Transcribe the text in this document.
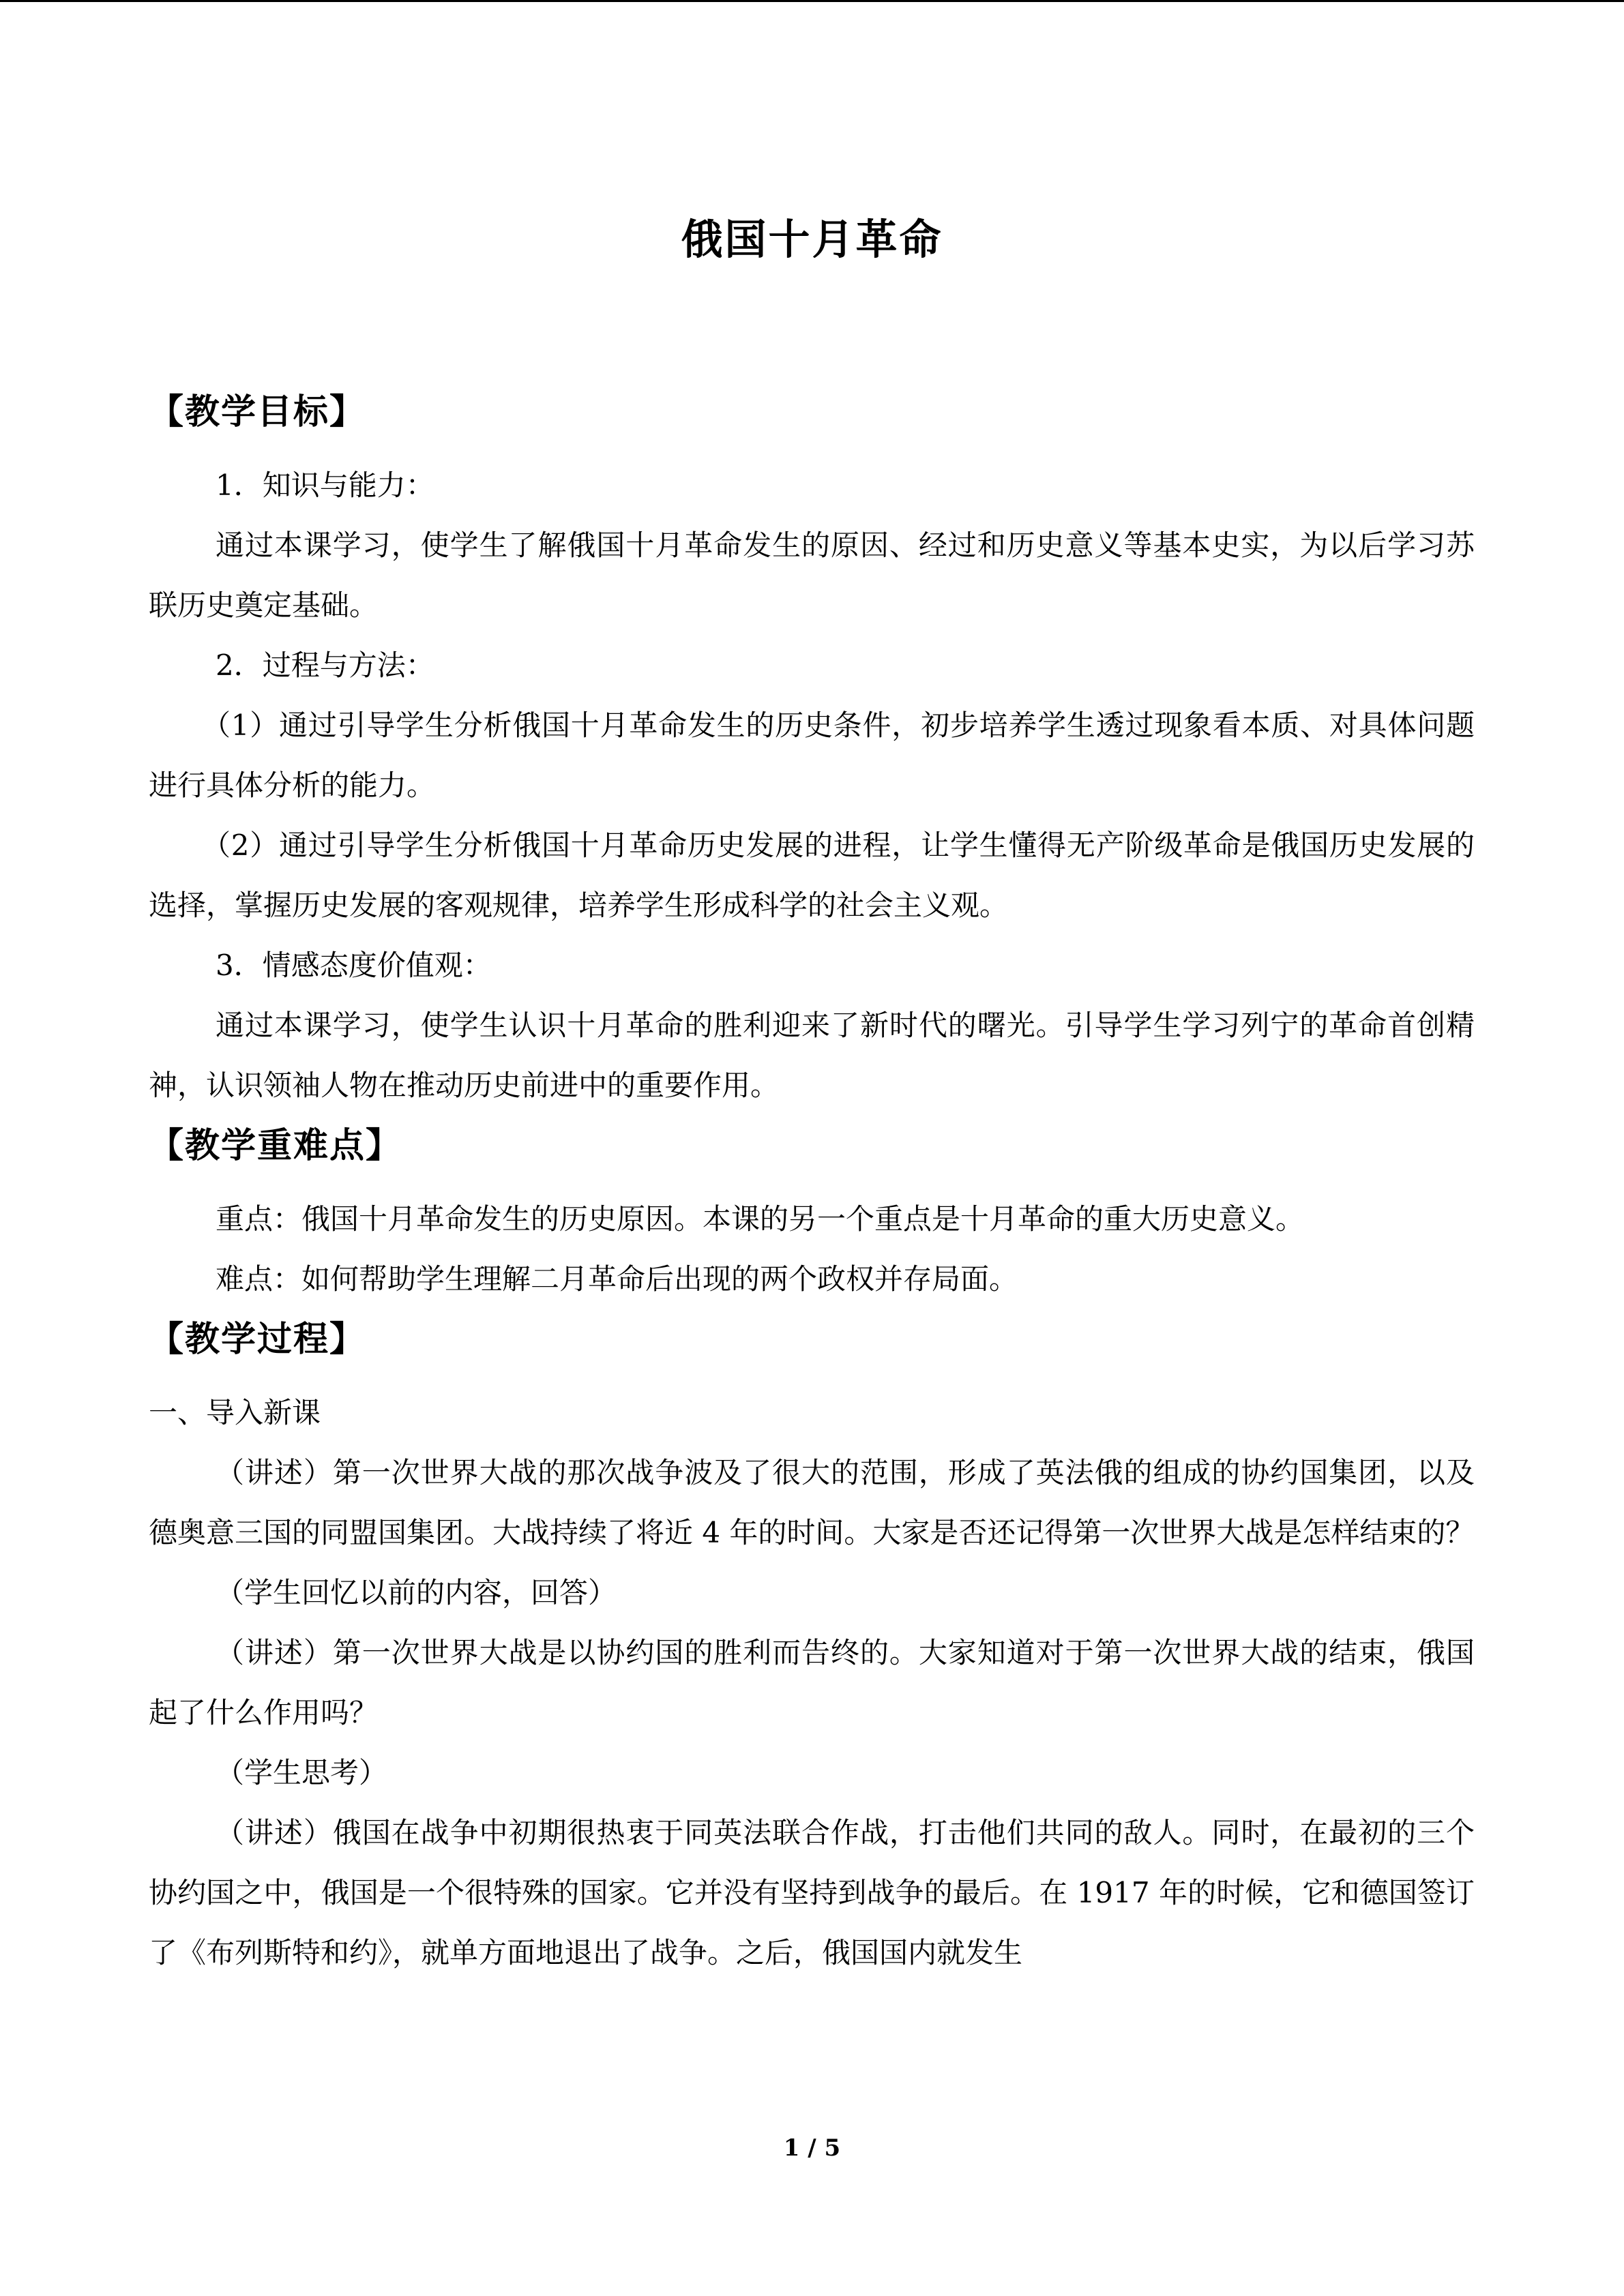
俄国十月革命
【教学目标】

1．知识与能力：

通过本课学习，使学生了解俄国十月革命发生的原因、经过和历史意义等基本史实，为以后学习苏联历史奠定基础。

2．过程与方法：

（1）通过引导学生分析俄国十月革命发生的历史条件，初步培养学生透过现象看本质、对具体问题进行具体分析的能力。

（2）通过引导学生分析俄国十月革命历史发展的进程，让学生懂得无产阶级革命是俄国历史发展的选择，掌握历史发展的客观规律，培养学生形成科学的社会主义观。

3．情感态度价值观：

通过本课学习，使学生认识十月革命的胜利迎来了新时代的曙光。引导学生学习列宁的革命首创精神，认识领袖人物在推动历史前进中的重要作用。

【教学重难点】

重点：俄国十月革命发生的历史原因。本课的另一个重点是十月革命的重大历史意义。

难点：如何帮助学生理解二月革命后出现的两个政权并存局面。

【教学过程】

一、导入新课

（讲述）第一次世界大战的那次战争波及了很大的范围，形成了英法俄的组成的协约国集团，以及德奥意三国的同盟国集团。大战持续了将近 4 年的时间。大家是否还记得第一次世界大战是怎样结束的？

（学生回忆以前的内容，回答）

（讲述）第一次世界大战是以协约国的胜利而告终的。大家知道对于第一次世界大战的结束，俄国起了什么作用吗？

（学生思考）

（讲述）俄国在战争中初期很热衷于同英法联合作战，打击他们共同的敌人。同时，在最初的三个协约国之中，俄国是一个很特殊的国家。它并没有坚持到战争的最后。在 1917 年的时候，它和德国签订了《布列斯特和约》，就单方面地退出了战争。之后，俄国国内就发生

1 / 5
